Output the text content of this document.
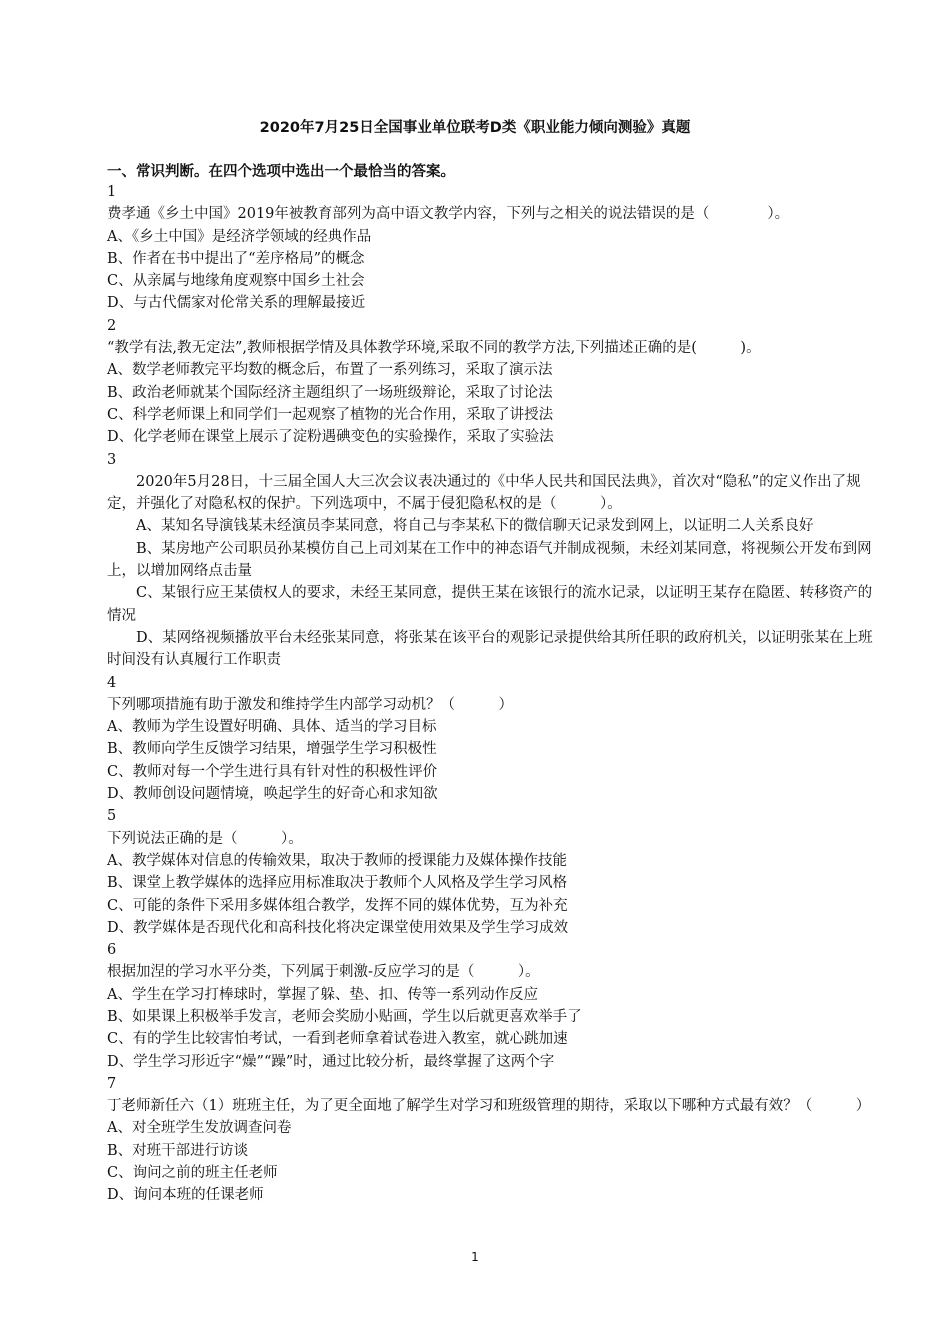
2020年7月25日全国事业单位联考D类《职业能力倾向测验》真题
一、常识判断。在四个选项中选出一个最恰当的答案。
1
费孝通《乡土中国》2019年被教育部列为高中语文教学内容，下列与之相关的说法错误的是（　　　　）。
A、《乡土中国》是经济学领域的经典作品
B、作者在书中提出了“差序格局”的概念
C、从亲属与地缘角度观察中国乡土社会
D、与古代儒家对伦常关系的理解最接近
2
“教学有法,教无定法”,教师根据学情及具体教学环境,采取不同的教学方法,下列描述正确的是(　　　)。
A、数学老师教完平均数的概念后，布置了一系列练习，采取了演示法
B、政治老师就某个国际经济主题组织了一场班级辩论，采取了讨论法
C、科学老师课上和同学们一起观察了植物的光合作用，采取了讲授法
D、化学老师在课堂上展示了淀粉遇碘变色的实验操作，采取了实验法
3
2020年5月28日，十三届全国人大三次会议表决通过的《中华人民共和国民法典》，首次对“隐私”的定义作出了规定，并强化了对隐私权的保护。下列选项中，不属于侵犯隐私权的是（　　　）。
A、某知名导演钱某未经演员李某同意，将自己与李某私下的微信聊天记录发到网上，以证明二人关系良好
B、某房地产公司职员孙某模仿自己上司刘某在工作中的神态语气并制成视频，未经刘某同意，将视频公开发布到网上，以增加网络点击量
C、某银行应王某债权人的要求，未经王某同意，提供王某在该银行的流水记录，以证明王某存在隐匿、转移资产的情况
D、某网络视频播放平台未经张某同意，将张某在该平台的观影记录提供给其所任职的政府机关，以证明张某在上班时间没有认真履行工作职责
4
下列哪项措施有助于激发和维持学生内部学习动机？（　　　）
A、教师为学生设置好明确、具体、适当的学习目标
B、教师向学生反馈学习结果，增强学生学习积极性
C、教师对每一个学生进行具有针对性的积极性评价
D、教师创设问题情境，唤起学生的好奇心和求知欲
5
下列说法正确的是（　　　）。
A、教学媒体对信息的传输效果，取决于教师的授课能力及媒体操作技能
B、课堂上教学媒体的选择应用标准取决于教师个人风格及学生学习风格
C、可能的条件下采用多媒体组合教学，发挥不同的媒体优势，互为补充
D、教学媒体是否现代化和高科技化将决定课堂使用效果及学生学习成效
6
根据加涅的学习水平分类，下列属于刺激-反应学习的是（　　　）。
A、学生在学习打棒球时，掌握了躲、垫、扣、传等一系列动作反应
B、如果课上积极举手发言，老师会奖励小贴画，学生以后就更喜欢举手了
C、有的学生比较害怕考试，一看到老师拿着试卷进入教室，就心跳加速
D、学生学习形近字“燥”“躁”时，通过比较分析，最终掌握了这两个字
7
丁老师新任六（1）班班主任，为了更全面地了解学生对学习和班级管理的期待，采取以下哪种方式最有效？（　　　）
A、对全班学生发放调查问卷
B、对班干部进行访谈
C、询问之前的班主任老师
D、询问本班的任课老师
1
